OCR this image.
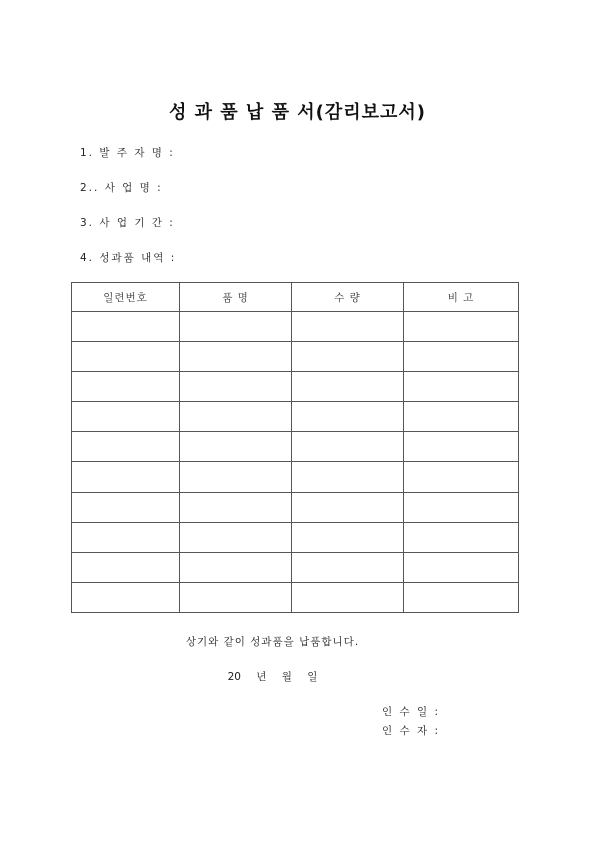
성 과 품 납 품 서(감리보고서)
1. 발 주 자 명 :
2.. 사 업 명 :
3. 사 업 기 간 :
4. 성과품 내역 :
일련번호	품 명	수 량	비 고

상기와 같이 성과품을 납품합니다.
20 년 월 일
인 수 일 :
인 수 자 :
